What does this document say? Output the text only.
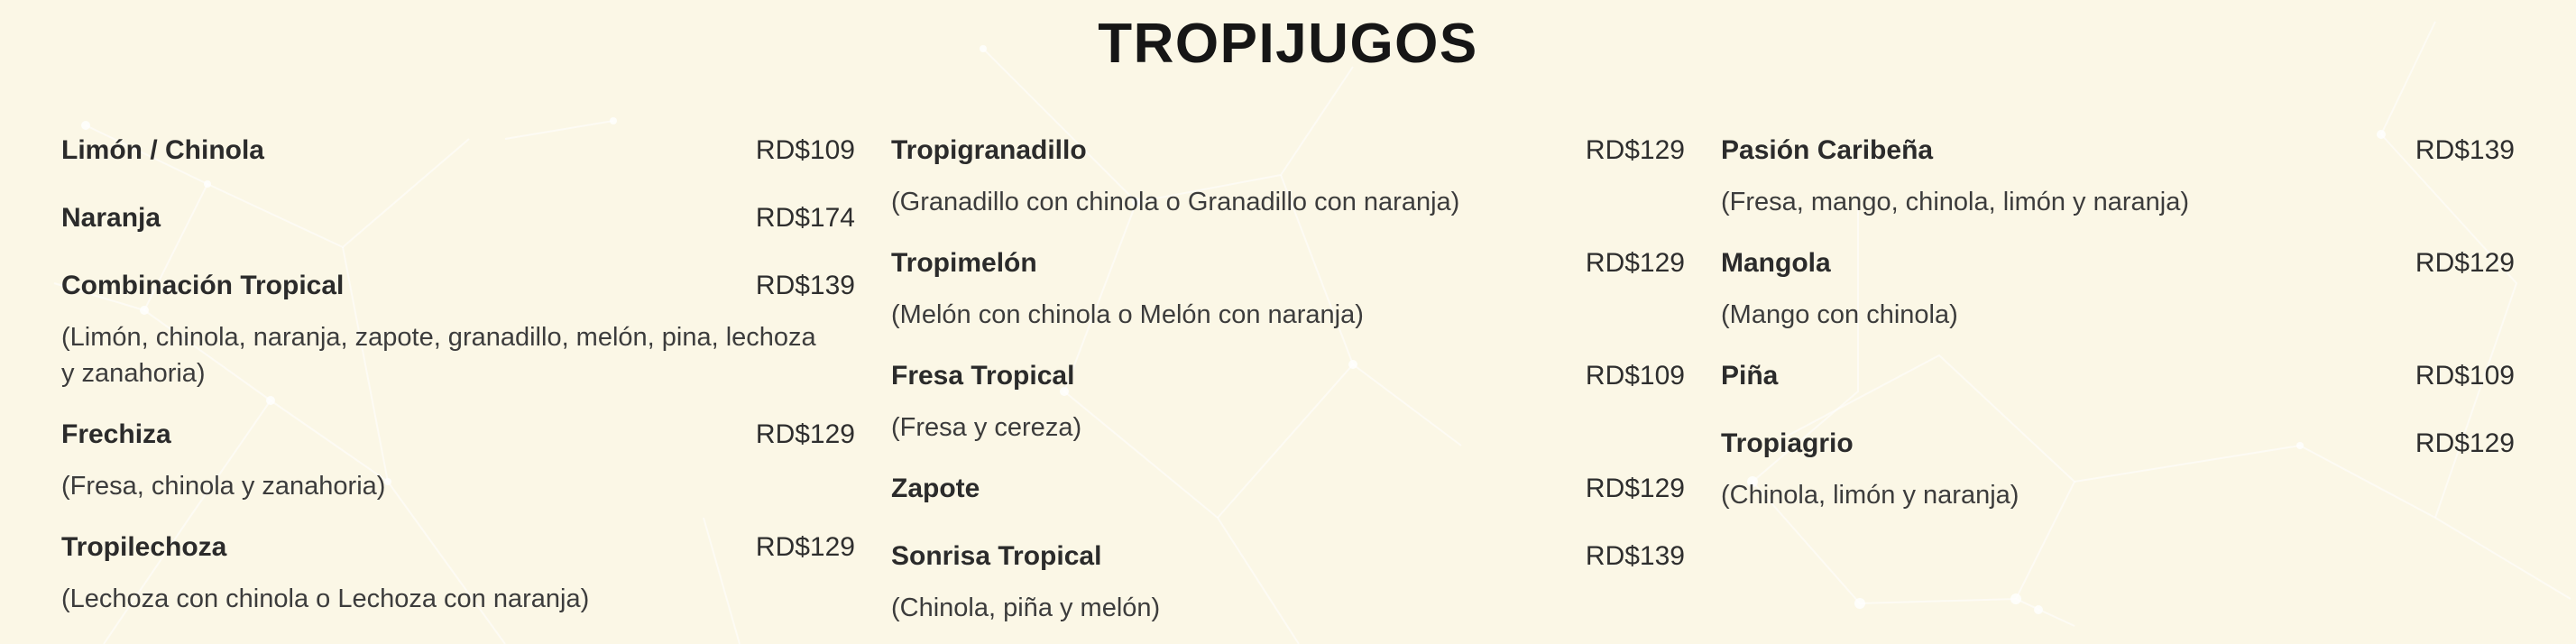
TROPIJUGOS
Limón / Chinola	RD$109
Naranja	RD$174
Combinación Tropical	RD$139
(Limón, chinola, naranja, zapote, granadillo, melón, pina, lechoza y zanahoria)
Frechiza	RD$129
(Fresa, chinola y zanahoria)
Tropilechoza	RD$129
(Lechoza con chinola o Lechoza con naranja)
Tropigranadillo	RD$129
(Granadillo con chinola o Granadillo con naranja)
Tropimelón	RD$129
(Melón con chinola o Melón con naranja)
Fresa Tropical	RD$109
(Fresa y cereza)
Zapote	RD$129
Sonrisa Tropical	RD$139
(Chinola, piña y melón)
Pasión Caribeña	RD$139
(Fresa, mango, chinola, limón y naranja)
Mangola	RD$129
(Mango con chinola)
Piña	RD$109
Tropiagrio	RD$129
(Chinola, limón y naranja)
